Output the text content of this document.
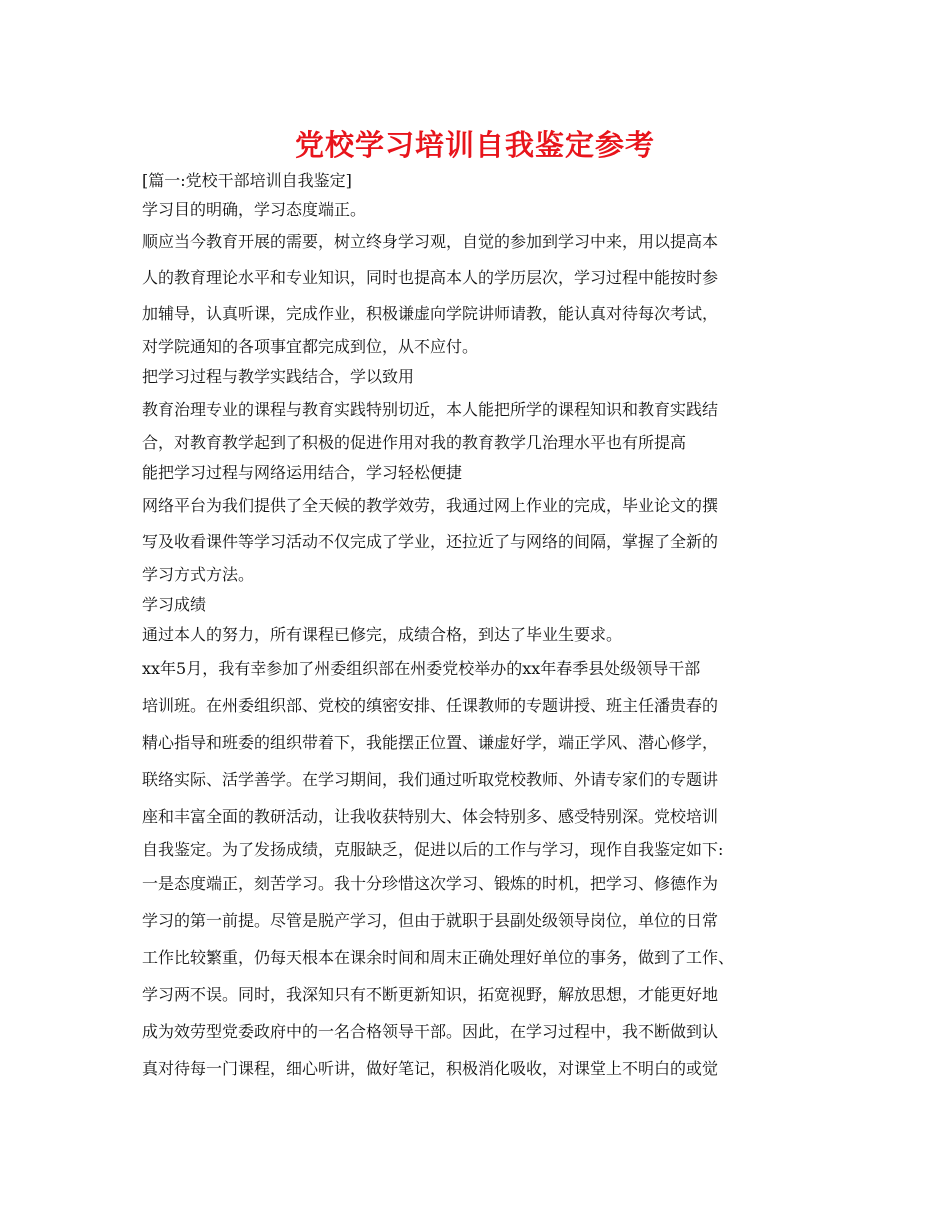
党校学习培训自我鉴定参考
[篇一:党校干部培训自我鉴定]
学习目的明确，学习态度端正。
顺应当今教育开展的需要，树立终身学习观，自觉的参加到学习中来，用以提高本
人的教育理论水平和专业知识，同时也提高本人的学历层次，学习过程中能按时参
加辅导，认真听课，完成作业，积极谦虚向学院讲师请教，能认真对待每次考试，
对学院通知的各项事宜都完成到位，从不应付。
把学习过程与教学实践结合，学以致用
教育治理专业的课程与教育实践特别切近，本人能把所学的课程知识和教育实践结
合，对教育教学起到了积极的促进作用对我的教育教学几治理水平也有所提高
能把学习过程与网络运用结合，学习轻松便捷
网络平台为我们提供了全天候的教学效劳，我通过网上作业的完成，毕业论文的撰
写及收看课件等学习活动不仅完成了学业，还拉近了与网络的间隔，掌握了全新的
学习方式方法。
学习成绩
通过本人的努力，所有课程已修完，成绩合格，到达了毕业生要求。
xx年5月，我有幸参加了州委组织部在州委党校举办的xx年春季县处级领导干部
培训班。在州委组织部、党校的缜密安排、任课教师的专题讲授、班主任潘贵春的
精心指导和班委的组织带着下，我能摆正位置、谦虚好学，端正学风、潜心修学，
联络实际、活学善学。在学习期间，我们通过听取党校教师、外请专家们的专题讲
座和丰富全面的教研活动，让我收获特别大、体会特别多、感受特别深。党校培训
自我鉴定。为了发扬成绩，克服缺乏，促进以后的工作与学习，现作自我鉴定如下:
一是态度端正，刻苦学习。我十分珍惜这次学习、锻炼的时机，把学习、修德作为
学习的第一前提。尽管是脱产学习，但由于就职于县副处级领导岗位，单位的日常
工作比较繁重，仍每天根本在课余时间和周末正确处理好单位的事务，做到了工作、
学习两不误。同时，我深知只有不断更新知识，拓宽视野，解放思想，才能更好地
成为效劳型党委政府中的一名合格领导干部。因此，在学习过程中，我不断做到认
真对待每一门课程，细心听讲，做好笔记，积极消化吸收，对课堂上不明白的或觉
